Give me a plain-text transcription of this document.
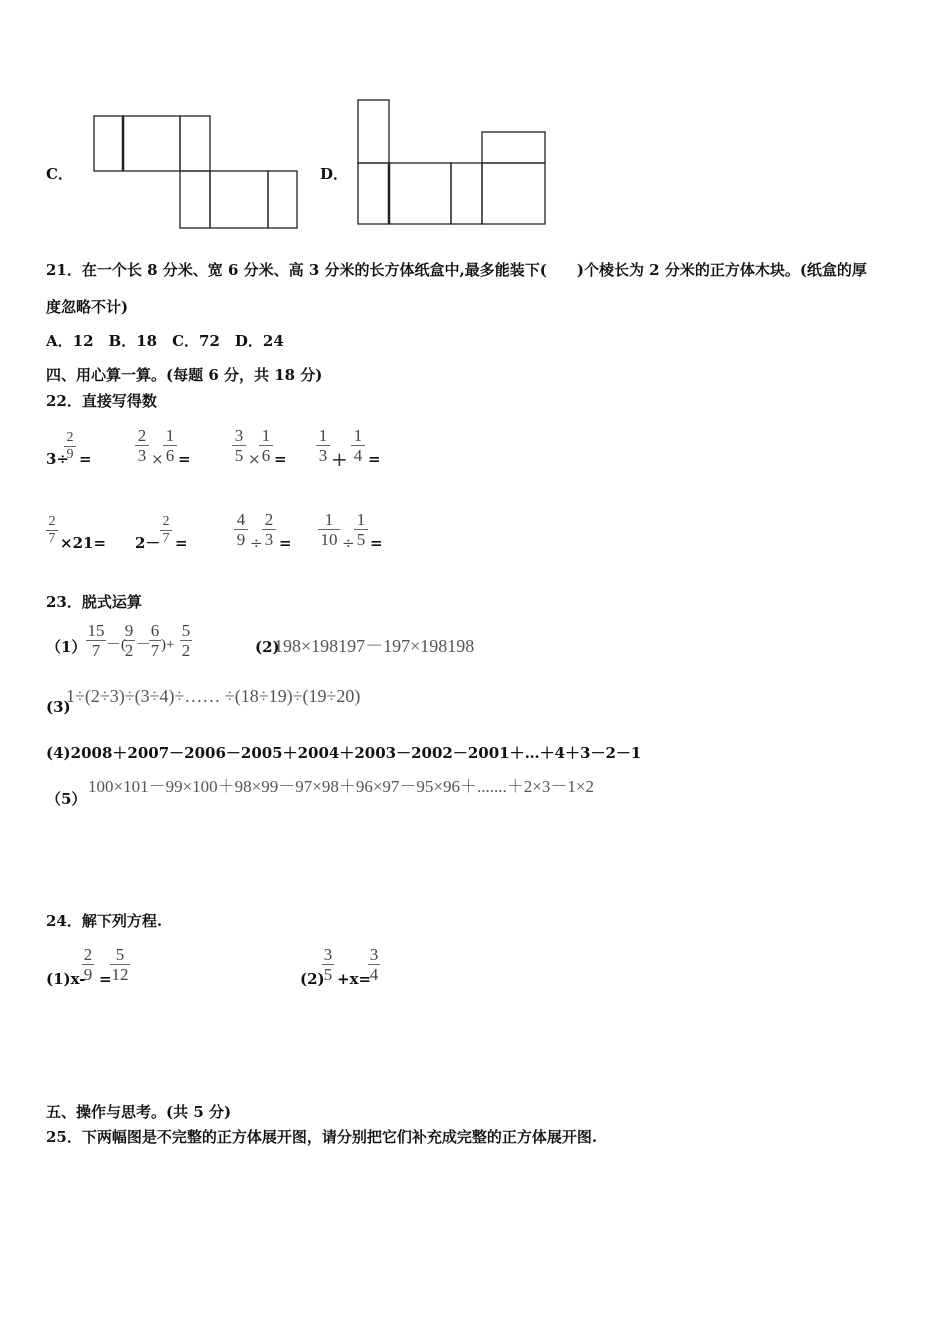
C．	D．
21．在一个长 8 分米、宽 6 分米、高 3 分米的长方体纸盒中,最多能装下(　　)个棱长为 2 分米的正方体木块。(纸盒的厚
度忽略不计)
A．12　B．18　C．72　D．24
四、用心算一算。(每题 6 分，共 18 分)
22．直接写得数
3÷
2
9 =
2
3 ×
1
6 =
3
5 ×
1
6 =
1
3 +
1
4 =
2
7 ×21= 2－
2
7 =
4
9 ÷
2
3 =
1
10 ÷
1
5 =
23．脱式运算
（1）
15
7 －(
9
2 －
6
7 )+
5
2	(2)
198×198197－197×198198
(3)
1÷(2÷3)÷(3÷4)÷…… ÷(18÷19)÷(19÷20)
(4)2008＋2007－2006－2005＋2004＋2003－2002－2001＋…＋4＋3－2－1
（5）
100×101－99×100＋98×99－97×98＋96×97－95×96＋.......＋2×3－1×2
24．解下列方程.
(1)x-
2
9 =
5
12	(2)
3
5 +x=
3
4
五、操作与思考。(共 5 分)
25．下两幅图是不完整的正方体展开图，请分别把它们补充成完整的正方体展开图.
